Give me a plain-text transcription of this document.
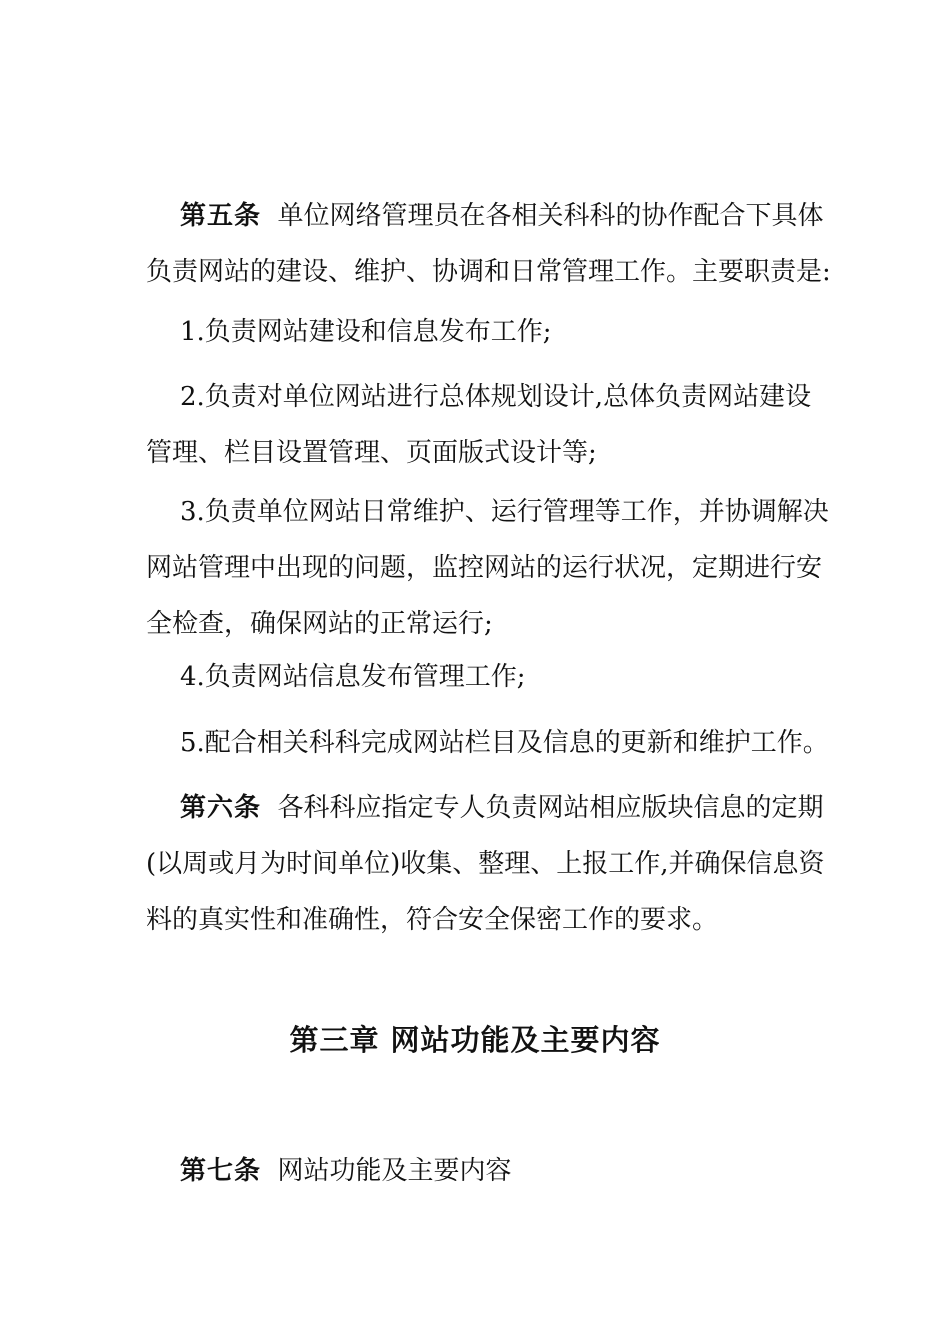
第五条 单位网络管理员在各相关科科的协作配合下具体
负责网站的建设、维护、协调和日常管理工作。主要职责是:

1.负责网站建设和信息发布工作;

2.负责对单位网站进行总体规划设计,总体负责网站建设
管理、栏目设置管理、页面版式设计等;

3.负责单位网站日常维护、运行管理等工作，并协调解决
网站管理中出现的问题，监控网站的运行状况，定期进行安
全检查，确保网站的正常运行;

4.负责网站信息发布管理工作;

5.配合相关科科完成网站栏目及信息的更新和维护工作。

第六条 各科科应指定专人负责网站相应版块信息的定期
(以周或月为时间单位)收集、整理、上报工作,并确保信息资
料的真实性和准确性，符合安全保密工作的要求。

第三章 网站功能及主要内容

第七条 网站功能及主要内容
